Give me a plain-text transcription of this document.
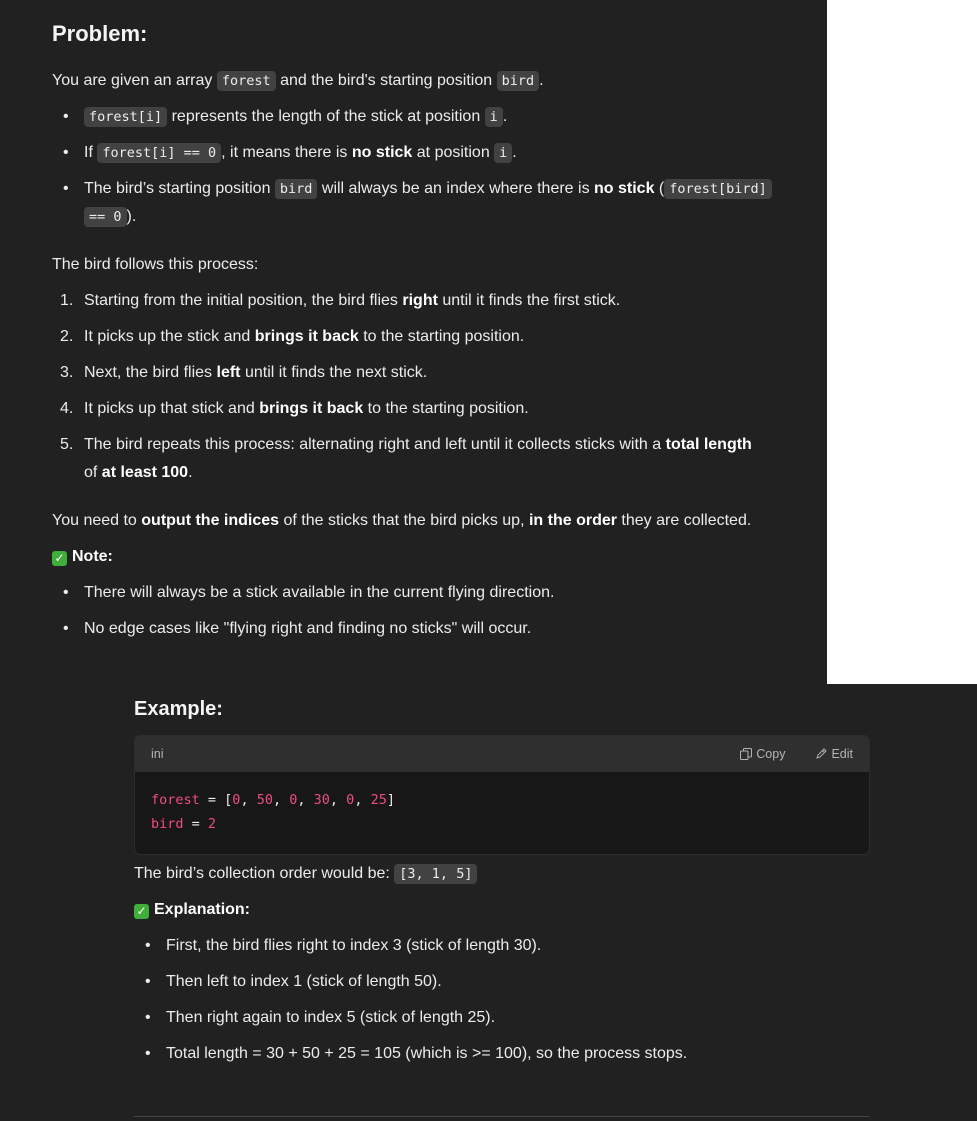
Problem:

You are given an array forest and the bird's starting position bird .

• forest[i] represents the length of the stick at position i .
• If forest[i] == 0 , it means there is no stick at position i .
• The bird’s starting position bird will always be an index where there is no stick ( forest[bird]
== 0 ).

The bird follows this process:

1. Starting from the initial position, the bird flies right until it finds the first stick.
2. It picks up the stick and brings it back to the starting position.
3. Next, the bird flies left until it finds the next stick.
4. It picks up that stick and brings it back to the starting position.
5. The bird repeats this process: alternating right and left until it collects sticks with a total length
of at least 100.

You need to output the indices of the sticks that the bird picks up, in the order they are collected.

✓ Note:

• There will always be a stick available in the current flying direction.
• No edge cases like "flying right and finding no sticks" will occur.
Example:
ini	Copy	Edit
forest = [0, 50, 0, 30, 0, 25]
bird = 2

The bird’s collection order would be: [3, 1, 5]

✓ Explanation:

• First, the bird flies right to index 3 (stick of length 30).
• Then left to index 1 (stick of length 50).
• Then right again to index 5 (stick of length 25).
• Total length = 30 + 50 + 25 = 105 (which is >= 100), so the process stops.
